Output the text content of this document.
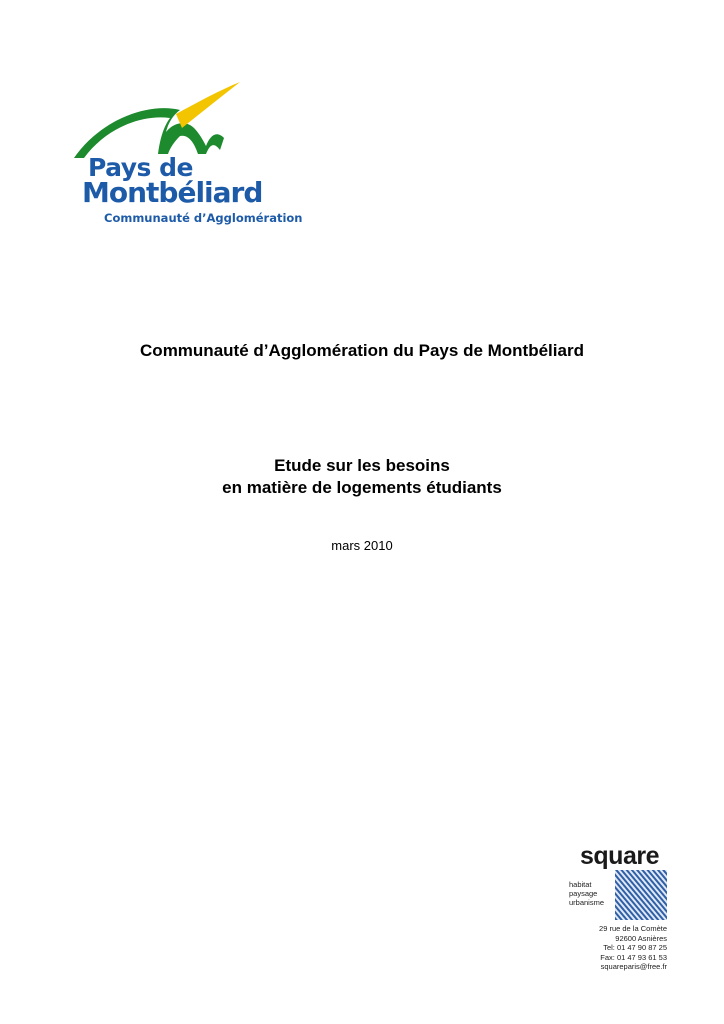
Pays de
Montbéliard
Communauté d’Agglomération
Communauté d’Agglomération du Pays de Montbéliard
Etude sur les besoins
en matière de logements étudiants
mars 2010
square
habitat
paysage
urbanisme
29 rue de la Comète
92600 Asnières
Tel: 01 47 90 87 25
Fax: 01 47 93 61 53
squareparis@free.fr
